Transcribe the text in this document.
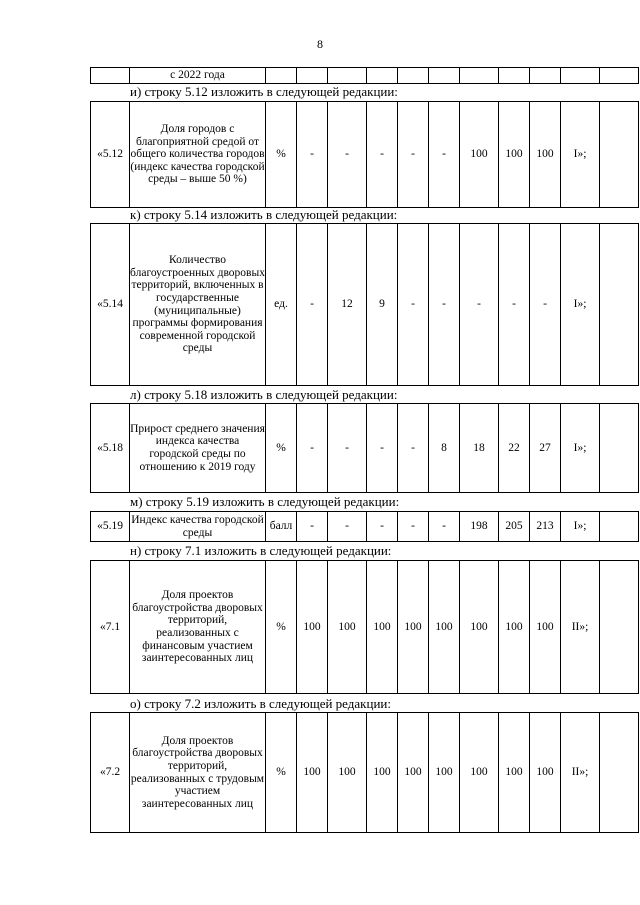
8
	с 2022 года											
и) строку 5.12 изложить в следующей редакции:
«5.12	Доля городов с благоприятной средой от общего количества городов (индекс качества городской среды – выше 50 %)	%	-	-	-	-	-	100	100	100	I»;	
к) строку 5.14 изложить в следующей редакции:
«5.14	Количество благоустроенных дворовых территорий, включенных в государственные (муниципальные) программы формирования современной городской среды	ед.	-	12	9	-	-	-	-	-	I»;	
л) строку 5.18 изложить в следующей редакции:
«5.18	Прирост среднего значения индекса качества городской среды по отношению к 2019 году	%	-	-	-	-	8	18	22	27	I»;	
м) строку 5.19 изложить в следующей редакции:
«5.19	Индекс качества городской среды	балл	-	-	-	-	-	198	205	213	I»;	
н) строку 7.1 изложить в следующей редакции:
«7.1	Доля проектов благоустройства дворовых территорий, реализованных с финансовым участием заинтересованных лиц	%	100	100	100	100	100	100	100	100	II»;	
о) строку 7.2 изложить в следующей редакции:
«7.2	Доля проектов благоустройства дворовых территорий, реализованных с трудовым участием заинтересованных лиц	%	100	100	100	100	100	100	100	100	II»;	
